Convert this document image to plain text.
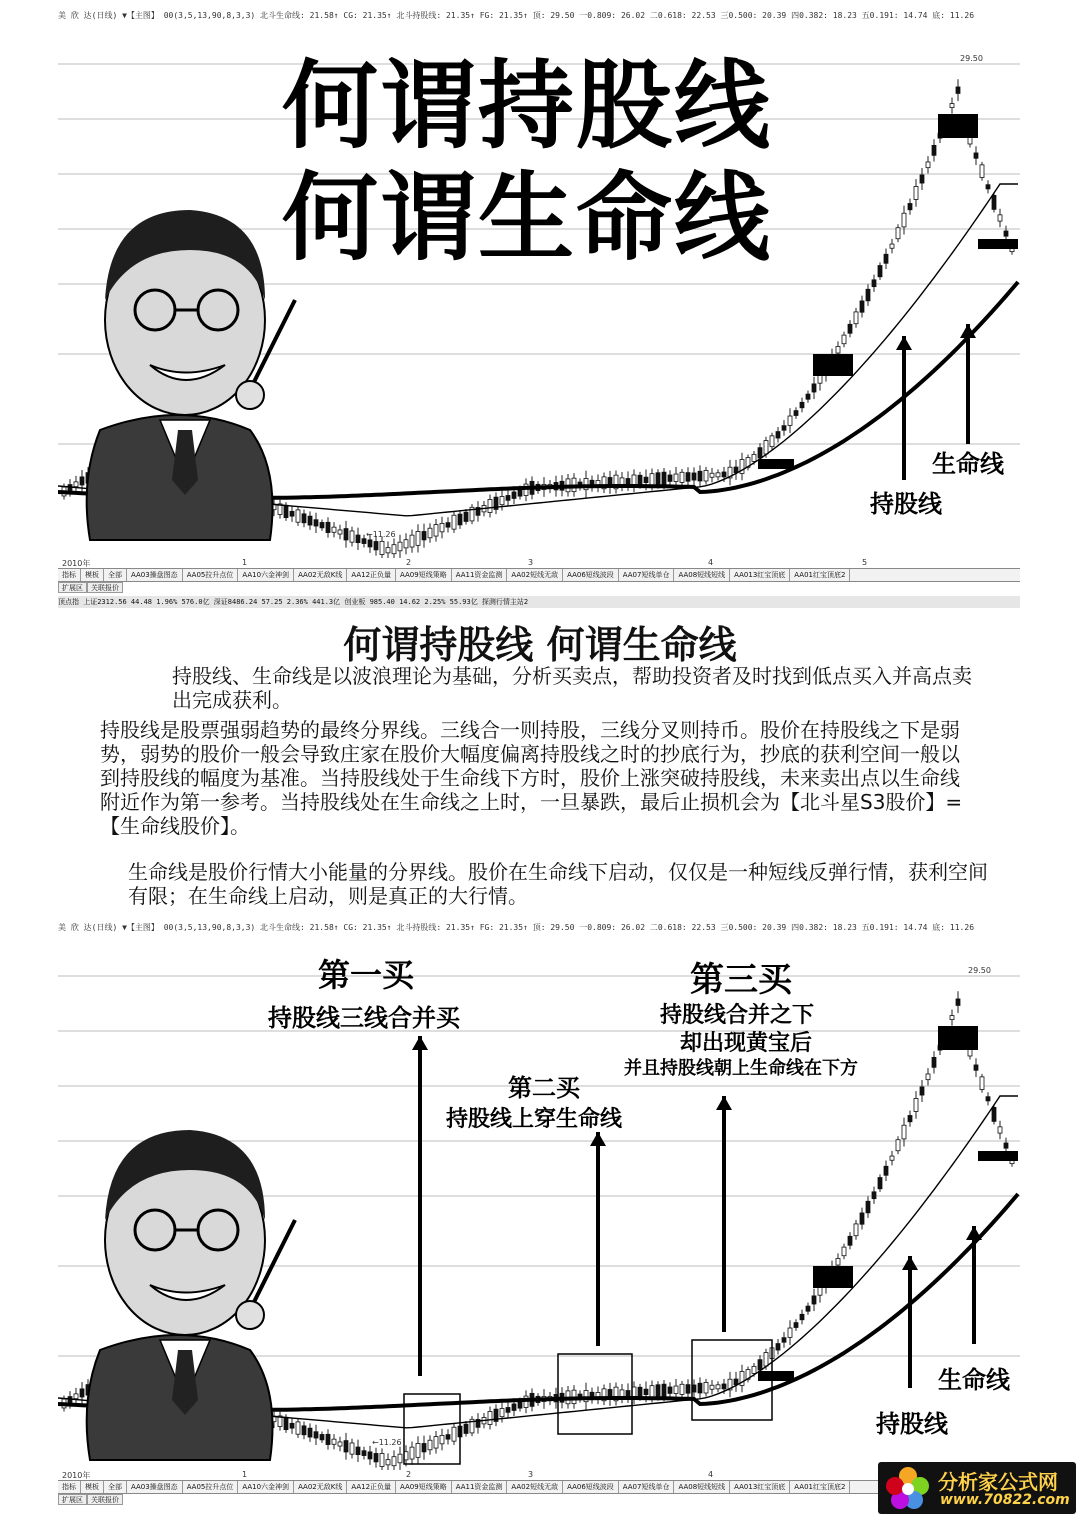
美 欣 达(日线) ▼【主图】 00(3,5,13,90,8,3,3) 北斗生命线: 21.58↑ CG: 21.35↑ 北斗持股线: 21.35↑ FG: 21.35↑ 顶: 29.50 一0.809: 26.02 二0.618: 22.53 三0.500: 20.39 四0.382: 18.23 五0.191: 14.74 底: 11.26
何谓持股线
何谓生命线
持股线
生命线
←11.26
29.50
2010年	1	2	3	4	5
指标	模板	全部	AA03操盘图态	AA05拉升点位	AA10六金神剑	AA02无敌K线	AA12正负量	AA09短线策略	AA11资金监测	AA02短线无敌	AA06短线波段	AA07短线单仓	AA08短线短线	AA013红宝顶底	AA01红宝顶底2
扩展区	关联报价
顶点指 上证2312.56 44.48 1.96% 576.0亿 深证8486.24 57.25 2.36% 441.3亿 创业板 985.40 14.62 2.25% 55.93亿 探测行情主站2
何谓持股线 何谓生命线
持股线、生命线是以波浪理论为基础，分析买卖点，帮助投资者及时找到低点买入并高点卖出完成获利。
持股线是股票强弱趋势的最终分界线。三线合一则持股，三线分叉则持币。股价在持股线之下是弱势，弱势的股价一般会导致庄家在股价大幅度偏离持股线之时的抄底行为，抄底的获利空间一般以到持股线的幅度为基准。当持股线处于生命线下方时，股价上涨突破持股线，未来卖出点以生命线附近作为第一参考。当持股线处在生命线之上时，一旦暴跌，最后止损机会为【北斗星S3股价】=【生命线股价】。
生命线是股价行情大小能量的分界线。股价在生命线下启动，仅仅是一种短线反弹行情，获利空间有限；在生命线上启动，则是真正的大行情。
美 欣 达(日线) ▼【主图】 00(3,5,13,90,8,3,3) 北斗生命线: 21.58↑ CG: 21.35↑ 北斗持股线: 21.35↑ FG: 21.35↑ 顶: 29.50 一0.809: 26.02 二0.618: 22.53 三0.500: 20.39 四0.382: 18.23 五0.191: 14.74 底: 11.26
第一买
持股线三线合并买
第二买
持股线上穿生命线
第三买
持股线合并之下
却出现黄宝后
并且持股线朝上生命线在下方
持股线
生命线
←11.26
29.50
2010年	1	2	3	4
指标	模板	全部	AA03操盘图态	AA05拉升点位	AA10六金神剑	AA02无敌K线	AA12正负量	AA09短线策略	AA11资金监测	AA02短线无敌	AA06短线波段	AA07短线单仓	AA08短线短线	AA013红宝顶底	AA01红宝顶底2
扩展区	关联报价
分析家公式网
www.70822.com
